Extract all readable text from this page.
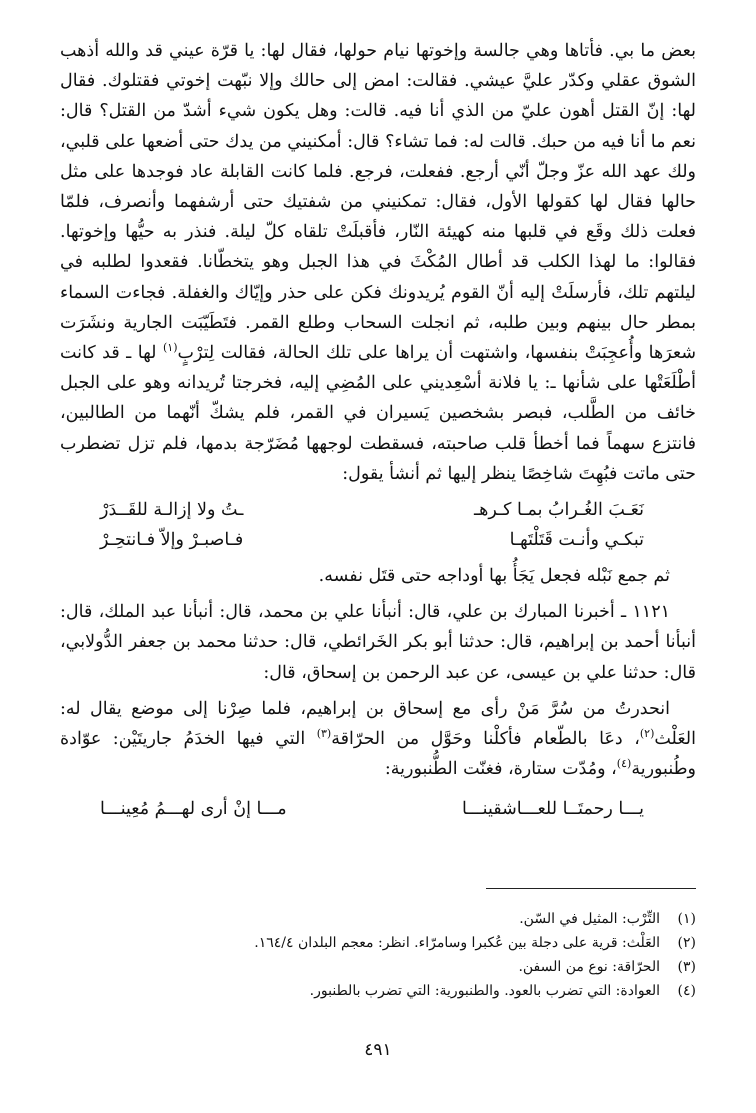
بعض ما بي. فأتاها وهي جالسة وإخوتها نيام حولها، فقال لها: يا قرّة عيني قد والله أذهب الشوق عقلي وكدّر عليَّ عيشي. فقالت: امض إلى حالك وإلا نبّهت إخوتي فقتلوك. فقال لها: إنّ القتل أهون عليّ من الذي أنا فيه. قالت: وهل يكون شيء أشدّ من القتل؟ قال: نعم ما أنا فيه من حبك. قالت له: فما تشاء؟ قال: أمكنيني من يدك حتى أضعها على قلبي، ولك عهد الله عزّ وجلّ أنّي أرجع. ففعلت، فرجع. فلما كانت القابلة عاد فوجدها على مثل حالها فقال لها كقولها الأول، فقال: تمكنيني من شفتيك حتى أرشفهما وأنصرف، فلمّا فعلت ذلك وقَع في قلبها منه كهيئة النّار، فأقبلَتْ تلقاه كلّ ليلة. فنذر به حيُّها وإخوتها. فقالوا: ما لهذا الكلب قد أطال المُكْثَ في هذا الجبل وهو يتخطّانا. فقعدوا لطلبه في ليلتهم تلك، فأرسلَتْ إليه أنّ القوم يُريدونك فكن على حذر وإيّاك والغفلة. فجاءت السماء بمطر حال بينهم وبين طلبه، ثم انجلت السحاب وطلع القمر. فتَطَيّبَت الجارية ونشَرَت شعرَها وأُعجِبَتْ بنفسها، واشتهت أن يراها على تلك الحالة، فقالت لِترْبٍ$^{(١)}$ لها ـ قد كانت أطْلَعَتْها على شأنها ـ: يا فلانة أسْعِديني على المُضِي إليه، فخرجتا تُريدانه وهو على الجبل خائف من الطَّلب، فبصر بشخصين يَسيران في القمر، فلم يشكّ أنّهما من الطالبين، فانتزع سهماً فما أخطأ قلب صاحبته، فسقطت لوجهها مُضَرّجة بدمها، فلم تزل تضطرب حتى ماتت فبُهِتَ شاخِصًا ينظر إليها ثم أنشأ يقول:

نَعَـبَ الغُـرابُ بمـا كـرهـ
ـتُ ولا إزالـة للقَــدَرْ
تبكـي وأنـت قَتَلْتَهـا
فـاصبـرْ وإلاّ فـانتحِـرْ

ثم جمع نَبْله فجعل يَجَأُ بها أوداجه حتى قتَل نفسه.

١١٢١ ـ أخبرنا المبارك بن علي، قال: أنبأنا علي بن محمد، قال: أنبأنا عبد الملك، قال: أنبأنا أحمد بن إبراهيم، قال: حدثنا أبو بكر الخَرائطي، قال: حدثنا محمد بن جعفر الدُّولابي، قال: حدثنا علي بن عيسى، عن عبد الرحمن بن إسحاق، قال:

انحدرتُ من سُرَّ مَنْ رأى مع إسحاق بن إبراهيم، فلما صِرْنا إلى موضع يقال له: العَلْث$^{(٢)}$، دعَا بالطّعام فأكلْنا وحَوَّل من الحرّاقة$^{(٣)}$ التي فيها الخدَمُ جاريتَيْن: عوّادة وطُنبورية$^{(٤)}$، ومُدّت ستارة، فغنّت الطُّنبورية:

يـــا رحمتَــا للعـــاشقينـــا
مـــا إنْ أرى لهـــمُ مُعِينـــا
(١)
التِّرْب: المثيل في السّن.
(٢)
العَلْث: قرية على دجلة بين عُكبرا وسامرّاء. انظر: معجم البلدان ١٦٤/٤.
(٣)
الحرّاقة: نوع من السفن.
(٤)
العوادة: التي تضرب بالعود. والطنبورية: التي تضرب بالطنبور.
٤٩١
